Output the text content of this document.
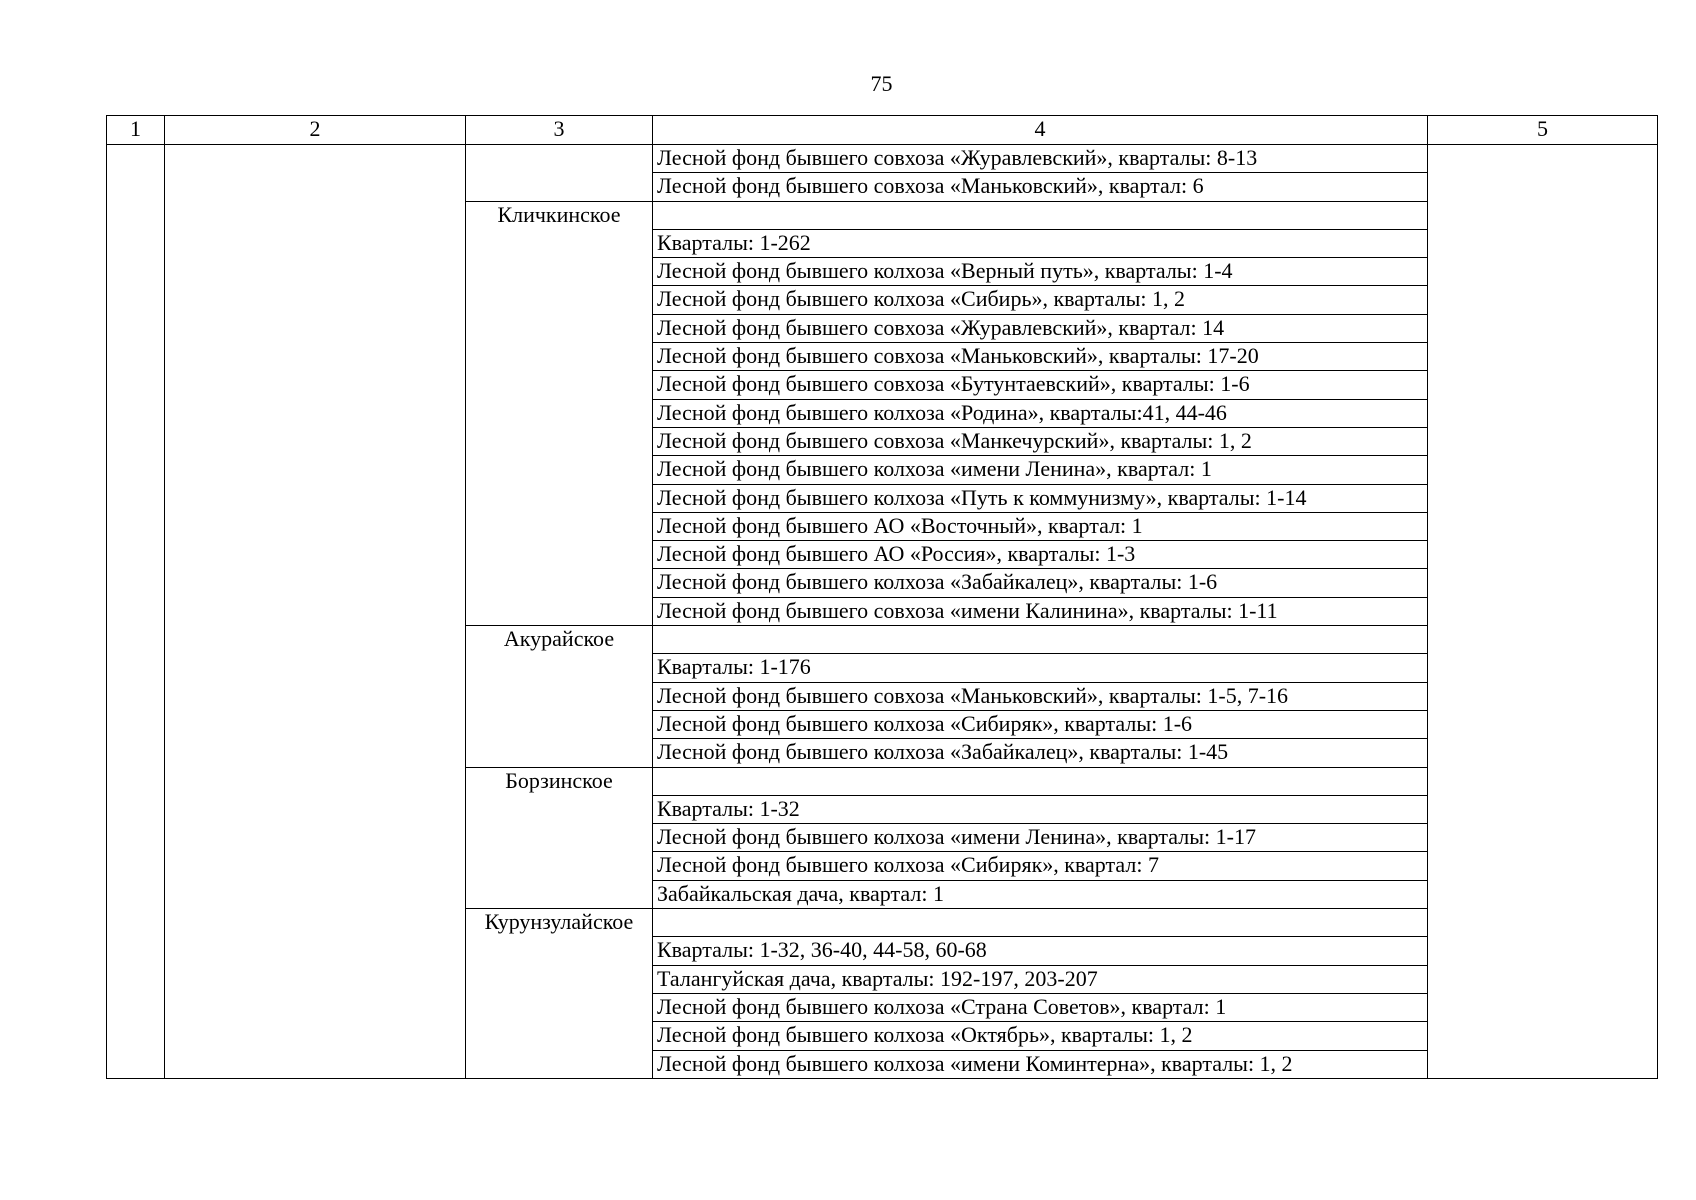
75
1	2	3	4	5
			Лесной фонд бывшего совхоза «Журавлевский», кварталы: 8-13	
			Лесной фонд бывшего совхоза «Маньковский», квартал: 6	
		Кличкинское		
			Кварталы: 1-262	
			Лесной фонд бывшего колхоза «Верный путь», кварталы: 1-4	
			Лесной фонд бывшего колхоза «Сибирь», кварталы: 1, 2	
			Лесной фонд бывшего совхоза «Журавлевский», квартал: 14	
			Лесной фонд бывшего совхоза «Маньковский», кварталы: 17-20	
			Лесной фонд бывшего совхоза «Бутунтаевский», кварталы: 1-6	
			Лесной фонд бывшего колхоза «Родина», кварталы:41, 44-46	
			Лесной фонд бывшего совхоза «Манкечурский», кварталы: 1, 2	
			Лесной фонд бывшего колхоза «имени Ленина», квартал: 1	
			Лесной фонд бывшего колхоза «Путь к коммунизму», кварталы: 1-14	
			Лесной фонд бывшего АО «Восточный», квартал: 1	
			Лесной фонд бывшего АО «Россия», кварталы: 1-3	
			Лесной фонд бывшего колхоза «Забайкалец», кварталы: 1-6	
			Лесной фонд бывшего совхоза «имени Калинина», кварталы: 1-11	
		Акурайское		
			Кварталы: 1-176	
			Лесной фонд бывшего совхоза «Маньковский», кварталы: 1-5, 7-16	
			Лесной фонд бывшего колхоза «Сибиряк», кварталы: 1-6	
			Лесной фонд бывшего колхоза «Забайкалец», кварталы: 1-45	
		Борзинское		
			Кварталы: 1-32	
			Лесной фонд бывшего колхоза «имени Ленина», кварталы: 1-17	
			Лесной фонд бывшего колхоза «Сибиряк», квартал: 7	
			Забайкальская дача, квартал: 1	
		Курунзулайское		
			Кварталы: 1-32, 36-40, 44-58, 60-68	
			Талангуйская дача, кварталы: 192-197, 203-207	
			Лесной фонд бывшего колхоза «Страна Советов», квартал: 1	
			Лесной фонд бывшего колхоза «Октябрь», кварталы: 1, 2	
			Лесной фонд бывшего колхоза «имени Коминтерна», кварталы: 1, 2	
